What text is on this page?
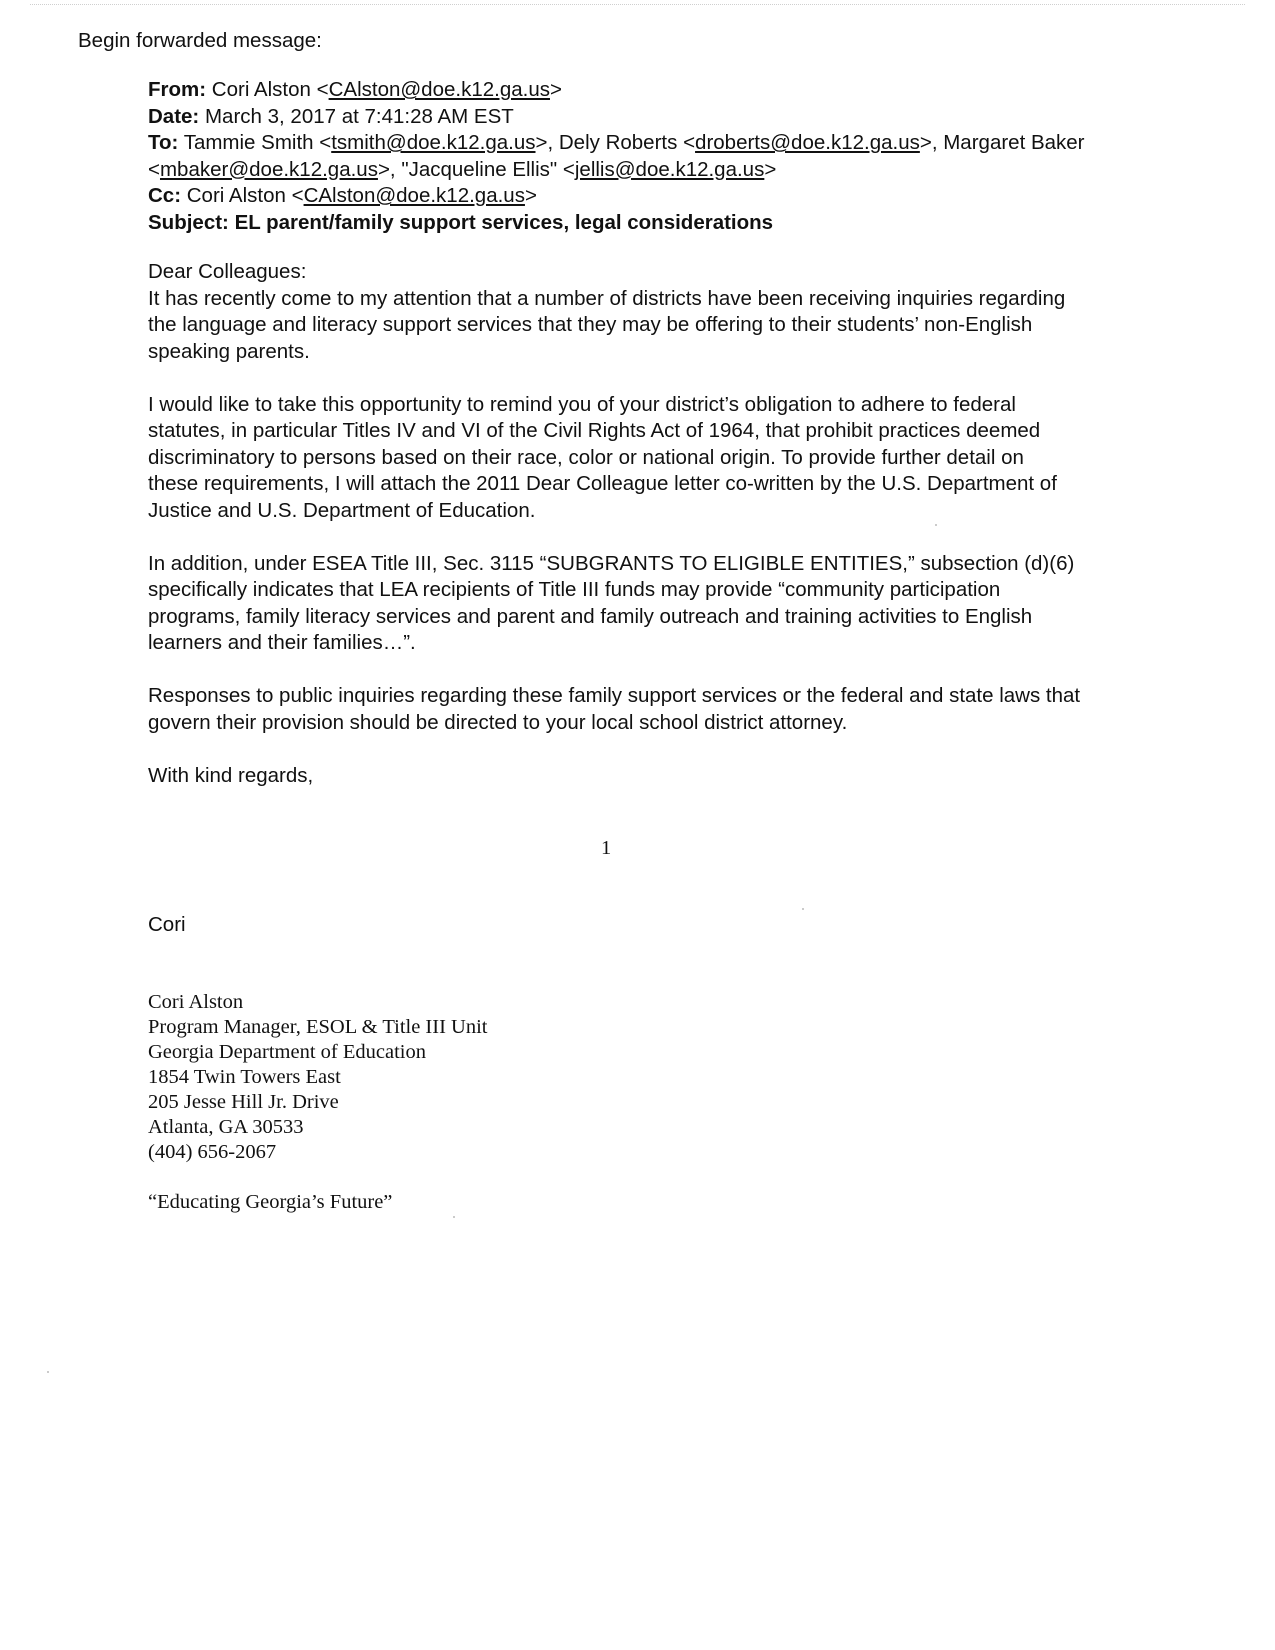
Begin forwarded message:
From: Cori Alston <CAlston@doe.k12.ga.us>
Date: March 3, 2017 at 7:41:28 AM EST
To: Tammie Smith <tsmith@doe.k12.ga.us>, Dely Roberts <droberts@doe.k12.ga.us>, Margaret Baker
<mbaker@doe.k12.ga.us>, "Jacqueline Ellis" <jellis@doe.k12.ga.us>
Cc: Cori Alston <CAlston@doe.k12.ga.us>
Subject: EL parent/family support services, legal considerations
Dear Colleagues:
It has recently come to my attention that a number of districts have been receiving inquiries regarding
the language and literacy support services that they may be offering to their students’ non-English
speaking parents.
I would like to take this opportunity to remind you of your district’s obligation to adhere to federal
statutes, in particular Titles IV and VI of the Civil Rights Act of 1964, that prohibit practices deemed
discriminatory to persons based on their race, color or national origin. To provide further detail on
these requirements, I will attach the 2011 Dear Colleague letter co-written by the U.S. Department of
Justice and U.S. Department of Education.
In addition, under ESEA Title III, Sec. 3115 “SUBGRANTS TO ELIGIBLE ENTITIES,” subsection (d)(6)
specifically indicates that LEA recipients of Title III funds may provide “community participation
programs, family literacy services and parent and family outreach and training activities to English
learners and their families…”.
Responses to public inquiries regarding these family support services or the federal and state laws that
govern their provision should be directed to your local school district attorney.
With kind regards,
1
Cori
Cori Alston
Program Manager, ESOL & Title III Unit
Georgia Department of Education
1854 Twin Towers East
205 Jesse Hill Jr. Drive
Atlanta, GA 30533
(404) 656-2067
“Educating Georgia’s Future”
